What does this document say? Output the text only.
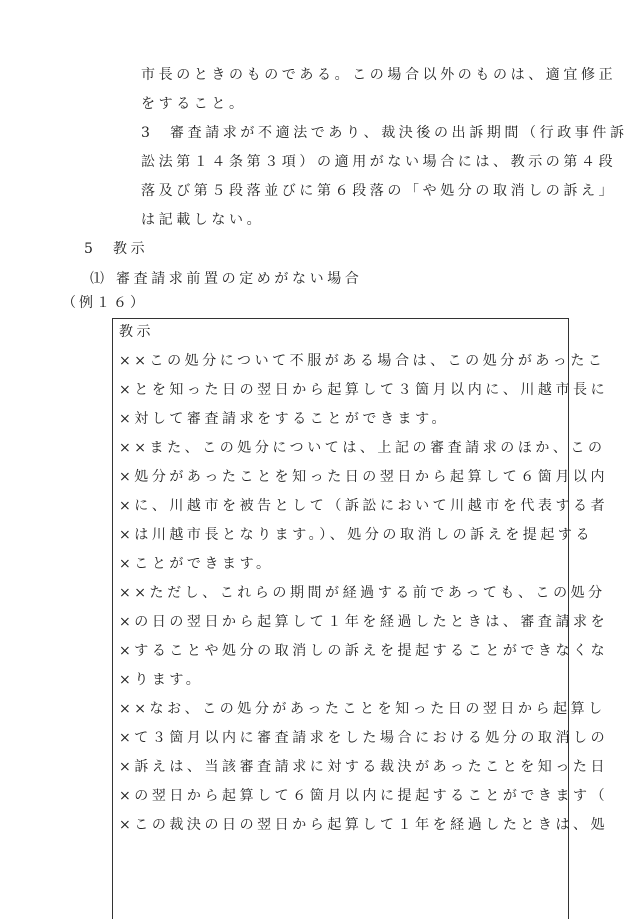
市長のときのものである。この場合以外のものは、適宜修正
をすること。
3 審査請求が不適法であり、裁決後の出訴期間（行政事件訴
訟法第１４条第３項）の適用がない場合には、教示の第４段
落及び第５段落並びに第６段落の「や処分の取消しの訴え」
は記載しない。
5 教示
⑴ 審査請求前置の定めがない場合
（例１６）
教示
××この処分について不服がある場合は、この処分があったこ
×とを知った日の翌日から起算して３箇月以内に、川越市長に
×対して審査請求をすることができます。
××また、この処分については、上記の審査請求のほか、この
×処分があったことを知った日の翌日から起算して６箇月以内
×に、川越市を被告として（訴訟において川越市を代表する者
×は川越市長となります。）、処分の取消しの訴えを提起する
×ことができます。
××ただし、これらの期間が経過する前であっても、この処分
×の日の翌日から起算して１年を経過したときは、審査請求を
×することや処分の取消しの訴えを提起することができなくな
×ります。
××なお、この処分があったことを知った日の翌日から起算し
×て３箇月以内に審査請求をした場合における処分の取消しの
×訴えは、当該審査請求に対する裁決があったことを知った日
×の翌日から起算して６箇月以内に提起することができます（
×この裁決の日の翌日から起算して１年を経過したときは、処
